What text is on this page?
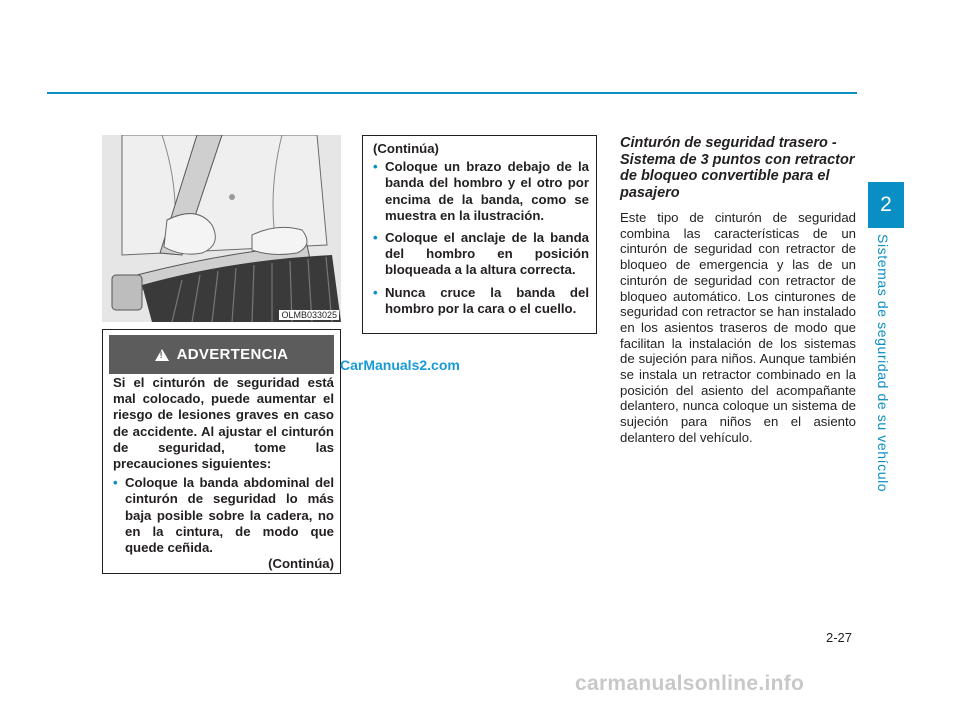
2
Sistemas de seguridad de su vehículo
OLMB033025
!
ADVERTENCIA
Si el cinturón de seguridad está mal colocado, puede aumentar el riesgo de lesiones graves en caso de accidente. Al ajustar el cinturón de seguridad, tome las precauciones siguientes:
• Coloque la banda abdominal del cinturón de seguridad lo más baja posible sobre la cadera, no en la cintura, de modo que quede ceñida.
(Continúa)
(Continúa)
• Coloque un brazo debajo de la banda del hombro y el otro por encima de la banda, como se muestra en la ilustración.
• Coloque el anclaje de la banda del hombro en posición bloqueada a la altura correcta.
• Nunca cruce la banda del hombro por la cara o el cuello.
Cinturón de seguridad trasero - Sistema de 3 puntos con retractor de bloqueo convertible para el pasajero
Este tipo de cinturón de seguridad combina las características de un cinturón de seguridad con retractor de bloqueo de emergencia y las de un cinturón de seguridad con retractor de bloqueo automático. Los cinturones de seguridad con retractor se han instalado en los asientos traseros de modo que facilitan la instalación de los sistemas de sujeción para niños. Aunque también se instala un retractor combinado en la posición del asiento del acompañante delantero, nunca coloque un sistema de sujeción para niños en el asiento delantero del vehículo.
2-27
CarManuals2.com
carmanualsonline.info
